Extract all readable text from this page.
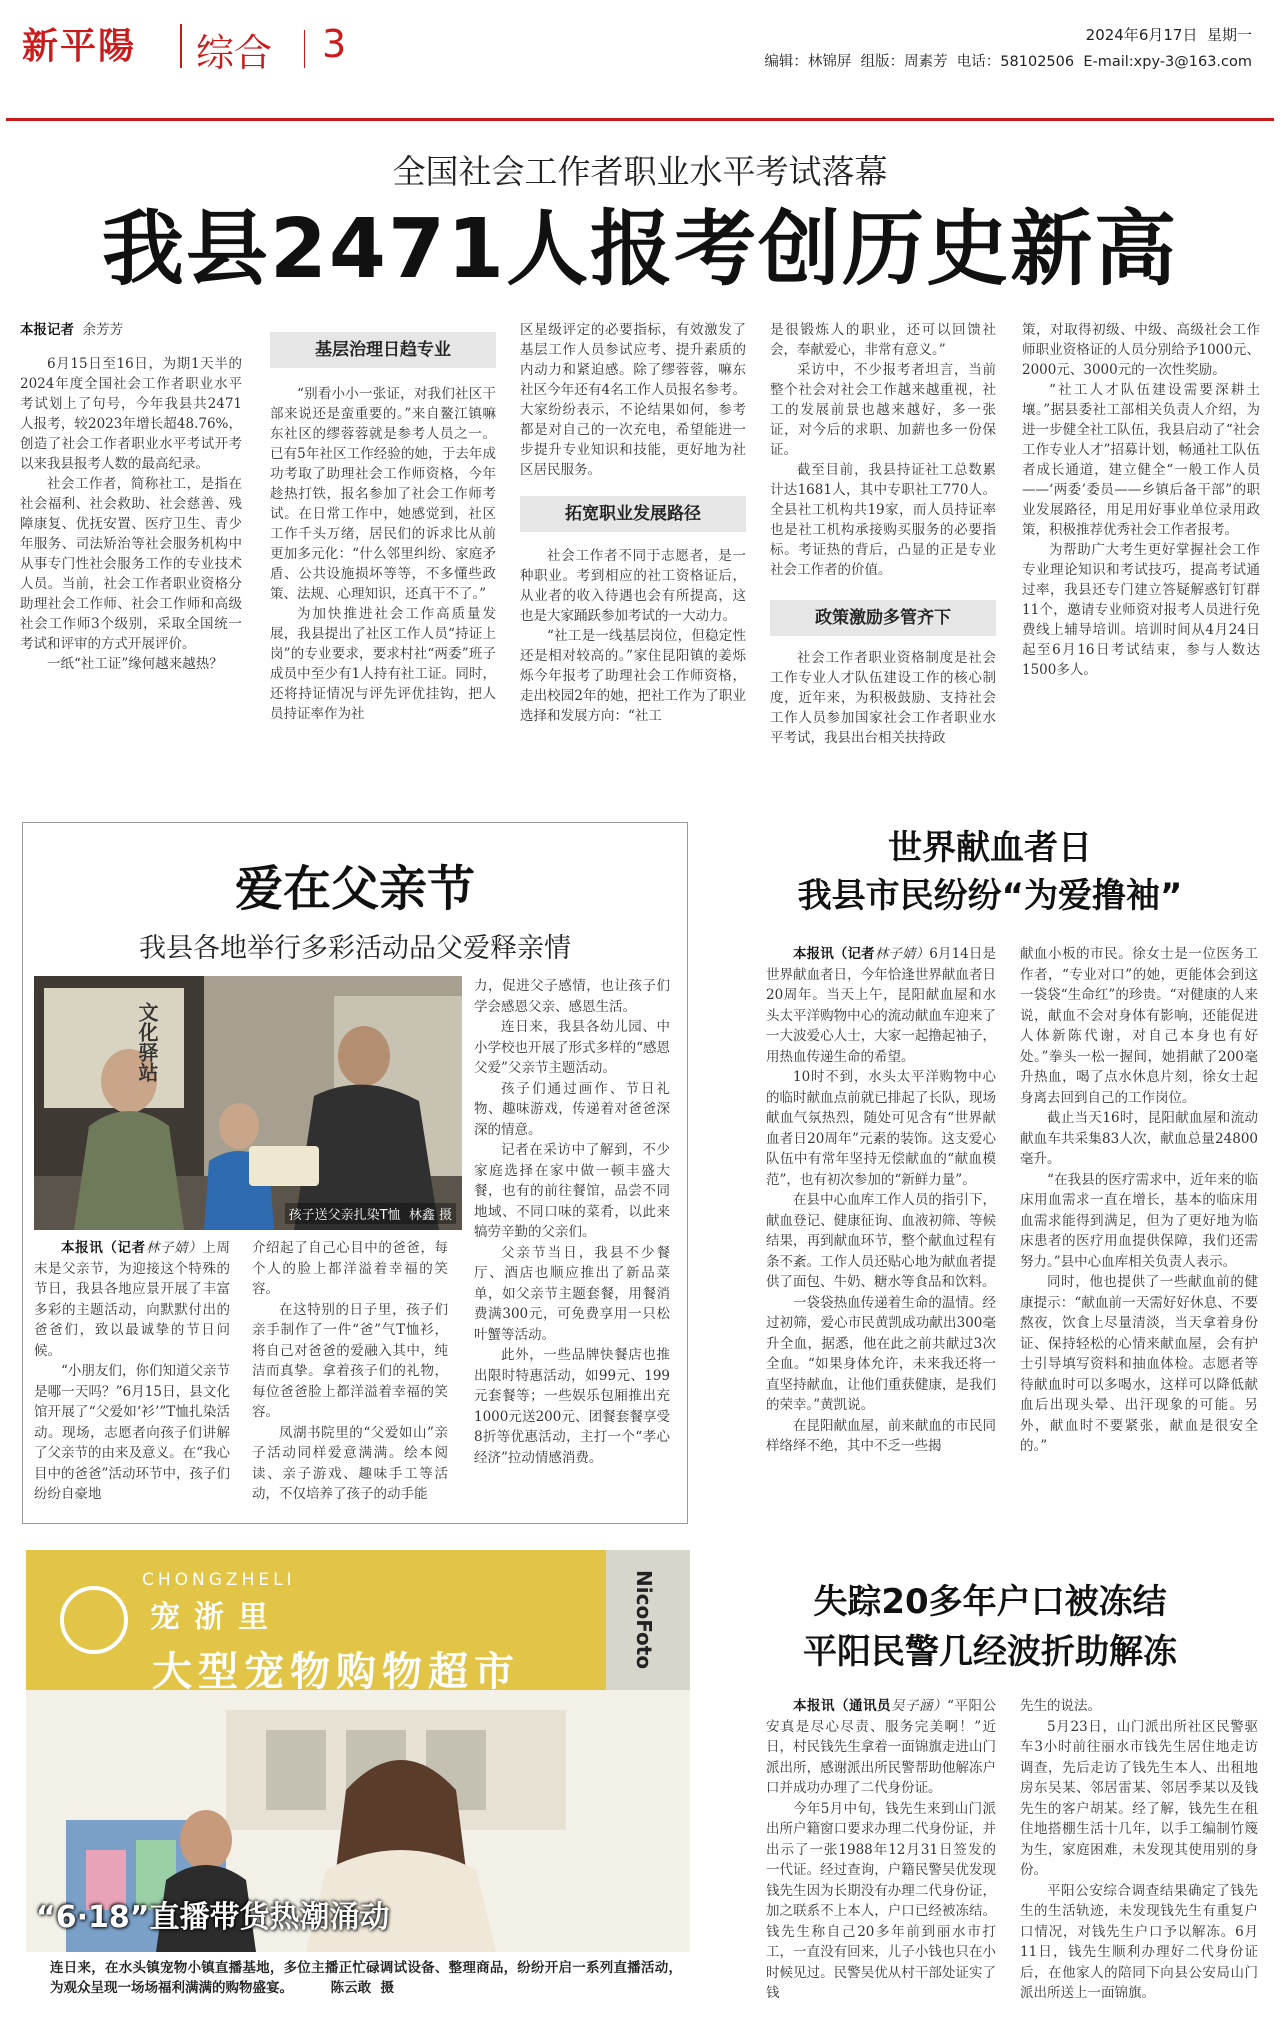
新平陽 综合 3	2024年6月17日  星期一
编辑：林锦屏  组版：周素芳  电话：58102506  E-mail:xpy-3@163.com
全国社会工作者职业水平考试落幕
我县2471人报考创历史新高

本报记者 余芳芳

6月15日至16日，为期1天半的2024年度全国社会工作者职业水平考试划上了句号，今年我县共2471人报考，较2023年增长超48.76%，创造了社会工作者职业水平考试开考以来我县报考人数的最高纪录。

社会工作者，简称社工，是指在社会福利、社会救助、社会慈善、残障康复、优抚安置、医疗卫生、青少年服务、司法矫治等社会服务机构中从事专门性社会服务工作的专业技术人员。当前，社会工作者职业资格分助理社会工作师、社会工作师和高级社会工作师3个级别，采取全国统一考试和评审的方式开展评价。

一纸“社工证”缘何越来越热？

基层治理日趋专业

“别看小小一张证，对我们社区干部来说还是蛮重要的。”来自鳌江镇嘛东社区的缪蓉蓉就是参考人员之一。已有5年社区工作经验的她，于去年成功考取了助理社会工作师资格，今年趁热打铁，报名参加了社会工作师考试。在日常工作中，她感觉到，社区工作千头万绪，居民们的诉求比从前更加多元化：“什么邻里纠纷、家庭矛盾、公共设施损坏等等，不多懂些政策、法规、心理知识，还真干不了。”

为加快推进社会工作高质量发展，我县提出了社区工作人员“持证上岗”的专业要求，要求村社“两委”班子成员中至少有1人持有社工证。同时，还将持证情况与评先评优挂钩，把人员持证率作为社

区星级评定的必要指标，有效激发了基层工作人员参试应考、提升素质的内动力和紧迫感。除了缪蓉蓉，嘛东社区今年还有4名工作人员报名参考。大家纷纷表示，不论结果如何，参考都是对自己的一次充电，希望能进一步提升专业知识和技能，更好地为社区居民服务。

拓宽职业发展路径

社会工作者不同于志愿者，是一种职业。考到相应的社工资格证后，从业者的收入待遇也会有所提高，这也是大家踊跃参加考试的一大动力。

“社工是一线基层岗位，但稳定性还是相对较高的。”家住昆阳镇的姜烁烁今年报考了助理社会工作师资格，走出校园2年的她，把社工作为了职业选择和发展方向：“社工

是很锻炼人的职业，还可以回馈社会，奉献爱心，非常有意义。”

采访中，不少报考者坦言，当前整个社会对社会工作越来越重视，社工的发展前景也越来越好，多一张证，对今后的求职、加薪也多一份保证。

截至目前，我县持证社工总数累计达1681人，其中专职社工770人。全县社工机构共19家，而人员持证率也是社工机构承接购买服务的必要指标。考证热的背后，凸显的正是专业社会工作者的价值。

政策激励多管齐下

社会工作者职业资格制度是社会工作专业人才队伍建设工作的核心制度，近年来，为积极鼓励、支持社会工作人员参加国家社会工作者职业水平考试，我县出台相关扶持政

策，对取得初级、中级、高级社会工作师职业资格证的人员分别给予1000元、2000元、3000元的一次性奖励。

“社工人才队伍建设需要深耕土壤。”据县委社工部相关负责人介绍，为进一步健全社工队伍，我县启动了“社会工作专业人才”招募计划，畅通社工队伍者成长通道，建立健全“一般工作人员——‘两委’委员——乡镇后备干部”的职业发展路径，用足用好事业单位录用政策，积极推荐优秀社会工作者报考。

为帮助广大考生更好掌握社会工作专业理论知识和考试技巧，提高考试通过率，我县还专门建立答疑解惑钉钉群11个，邀请专业师资对报考人员进行免费线上辅导培训。培训时间从4月24日起至6月16日考试结束，参与人数达1500多人。

爱在父亲节
我县各地举行多彩活动品父爱释亲情
文化驿站
孩子送父亲扎染T恤  林鑫 摄

本报讯（记者林子婧）上周末是父亲节，为迎接这个特殊的节日，我县各地应景开展了丰富多彩的主题活动，向默默付出的爸爸们，致以最诚挚的节日问候。

“小朋友们，你们知道父亲节是哪一天吗？”6月15日，县文化馆开展了“父爱如‘衫’”T恤扎染活动。现场，志愿者向孩子们讲解了父亲节的由来及意义。在“我心目中的爸爸”活动环节中，孩子们纷纷自豪地

介绍起了自己心目中的爸爸，每个人的脸上都洋溢着幸福的笑容。

在这特别的日子里，孩子们亲手制作了一件“爸”气T恤衫，将自己对爸爸的爱融入其中，纯洁而真挚。拿着孩子们的礼物，每位爸爸脸上都洋溢着幸福的笑容。

凤湖书院里的“父爱如山”亲子活动同样爱意满满。绘本阅读、亲子游戏、趣味手工等活动，不仅培养了孩子的动手能

力，促进父子感情，也让孩子们学会感恩父亲、感恩生活。

连日来，我县各幼儿园、中小学校也开展了形式多样的“感恩父爱”父亲节主题活动。

孩子们通过画作、节日礼物、趣味游戏，传递着对爸爸深深的情意。

记者在采访中了解到，不少家庭选择在家中做一顿丰盛大餐，也有的前往餐馆，品尝不同地域、不同口味的菜肴，以此来犒劳辛勤的父亲们。

父亲节当日，我县不少餐厅、酒店也顺应推出了新品菜单，如父亲节主题套餐，用餐消费满300元，可免费享用一只松叶蟹等活动。

此外，一些品牌快餐店也推出限时特惠活动，如99元、199元套餐等；一些娱乐包厢推出充1000元送200元、团餐套餐享受8折等优惠活动，主打一个“孝心经济”拉动情感消费。

世界献血者日
我县市民纷纷“为爱撸袖”

本报讯（记者林子婧）6月14日是世界献血者日，今年恰逢世界献血者日20周年。当天上午，昆阳献血屋和水头太平洋购物中心的流动献血车迎来了一大波爱心人士，大家一起撸起袖子，用热血传递生命的希望。

10时不到，水头太平洋购物中心的临时献血点前就已排起了长队，现场献血气氛热烈，随处可见含有“世界献血者日20周年”元素的装饰。这支爱心队伍中有常年坚持无偿献血的“献血模范”，也有初次参加的“新鲜力量”。

在县中心血库工作人员的指引下，献血登记、健康征询、血液初筛、等候结果，再到献血环节，整个献血过程有条不紊。工作人员还贴心地为献血者提供了面包、牛奶、糖水等食品和饮料。

一袋袋热血传递着生命的温情。经过初筛，爱心市民黄凯成功献出300毫升全血，据悉，他在此之前共献过3次全血。“如果身体允许，未来我还将一直坚持献血，让他们重获健康，是我们的荣幸。”黄凯说。

在昆阳献血屋，前来献血的市民同样络绎不绝，其中不乏一些揭

献血小板的市民。徐女士是一位医务工作者，“专业对口”的她，更能体会到这一袋袋“生命红”的珍贵。“对健康的人来说，献血不会对身体有影响，还能促进人体新陈代谢，对自己本身也有好处。”拳头一松一握间，她捐献了200毫升热血，喝了点水休息片刻，徐女士起身离去回到自己的工作岗位。

截止当天16时，昆阳献血屋和流动献血车共采集83人次，献血总量24800毫升。

“在我县的医疗需求中，近年来的临床用血需求一直在增长，基本的临床用血需求能得到满足，但为了更好地为临床患者的医疗用血提供保障，我们还需努力。”县中心血库相关负责人表示。

同时，他也提供了一些献血前的健康提示：“献血前一天需好好休息、不要熬夜，饮食上尽量清淡，当天拿着身份证、保持轻松的心情来献血屋，会有护士引导填写资料和抽血体检。志愿者等待献血时可以多喝水，这样可以降低献血后出现头晕、出汗现象的可能。另外，献血时不要紧张，献血是很安全的。”

CHONGZHELI
宠浙里
大型宠物购物超市
NicoFoto
“6·18”直播带货热潮涌动
连日来，在水头镇宠物小镇直播基地，多位主播正忙碌调试设备、整理商品，纷纷开启一系列直播活动，为观众呈现一场场福利满满的购物盛宴。	陈云敢  摄
失踪20多年户口被冻结
平阳民警几经波折助解冻

本报讯（通讯员吴子涵）“平阳公安真是尽心尽责、服务完美啊！”近日，村民钱先生拿着一面锦旗走进山门派出所，感谢派出所民警帮助他解冻户口并成功办理了二代身份证。

今年5月中旬，钱先生来到山门派出所户籍窗口要求办理二代身份证，并出示了一张1988年12月31日签发的一代证。经过查询，户籍民警吴优发现钱先生因为长期没有办理二代身份证，加之联系不上本人，户口已经被冻结。钱先生称自己20多年前到丽水市打工，一直没有回来，儿子小钱也只在小时候见过。民警吴优从村干部处证实了钱

先生的说法。

5月23日，山门派出所社区民警驱车3小时前往丽水市钱先生居住地走访调查，先后走访了钱先生本人、出租地房东吴某、邻居雷某、邻居季某以及钱先生的客户胡某。经了解，钱先生在租住地搭棚生活十几年，以手工编制竹篾为生，家庭困难，未发现其使用别的身份。

平阳公安综合调查结果确定了钱先生的生活轨迹，未发现钱先生有重复户口情况，对钱先生户口予以解冻。6月11日，钱先生顺利办理好二代身份证后，在他家人的陪同下向县公安局山门派出所送上一面锦旗。
